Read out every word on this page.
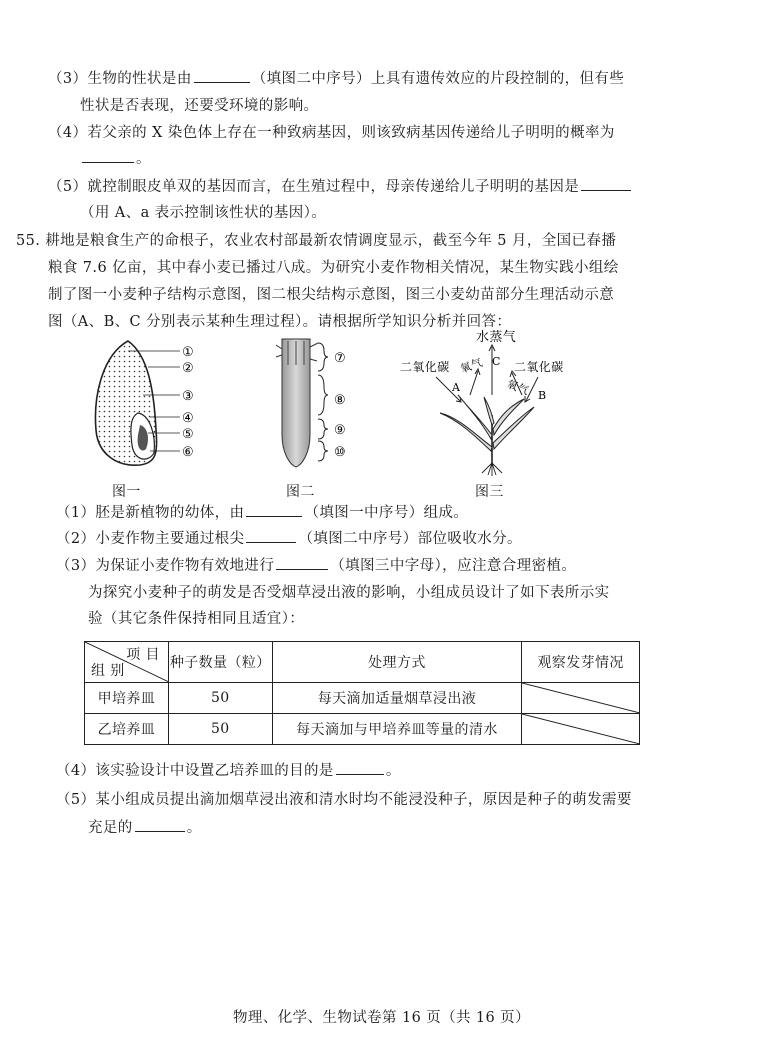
（3）生物的性状是由	（填图二中序号）上具有遗传效应的片段控制的，但有些
性状是否表现，还要受环境的影响。
（4）若父亲的 X 染色体上存在一种致病基因，则该致病基因传递给儿子明明的概率为
。
（5）就控制眼皮单双的基因而言，在生殖过程中，母亲传递给儿子明明的基因是
（用 A、a 表示控制该性状的基因）。
55. 耕地是粮食生产的命根子，农业农村部最新农情调度显示，截至今年 5 月，全国已春播
粮食 7.6 亿亩，其中春小麦已播过八成。为研究小麦作物相关情况，某生物实践小组绘
制了图一小麦种子结构示意图，图二根尖结构示意图，图三小麦幼苗部分生理活动示意
图（A、B、C 分别表示某种生理过程）。请根据所学知识分析并回答：
①
②
③
④
⑤
⑥
图一
⑦
⑧
⑨
⑩
图二
水蒸气
二氧化碳	二氧化碳
氧气
氧气
A
B
C
图三
（1）胚是新植物的幼体，由	（填图一中序号）组成。
（2）小麦作物主要通过根尖	（填图二中序号）部位吸收水分。
（3）为保证小麦作物有效地进行	（填图三中字母），应注意合理密植。
为探究小麦种子的萌发是否受烟草浸出液的影响，小组成员设计了如下表所示实
验（其它条件保持相同且适宜）：
项 目
组 别	种子数量（粒）	处理方式	观察发芽情况
甲培养皿	50	每天滴加适量烟草浸出液	

乙培养皿	50	每天滴加与甲培养皿等量的清水	
（4）该实验设计中设置乙培养皿的目的是	。
（5）某小组成员提出滴加烟草浸出液和清水时均不能浸没种子，原因是种子的萌发需要
充足的	。
物理、化学、生物试卷第 16 页（共 16 页）
